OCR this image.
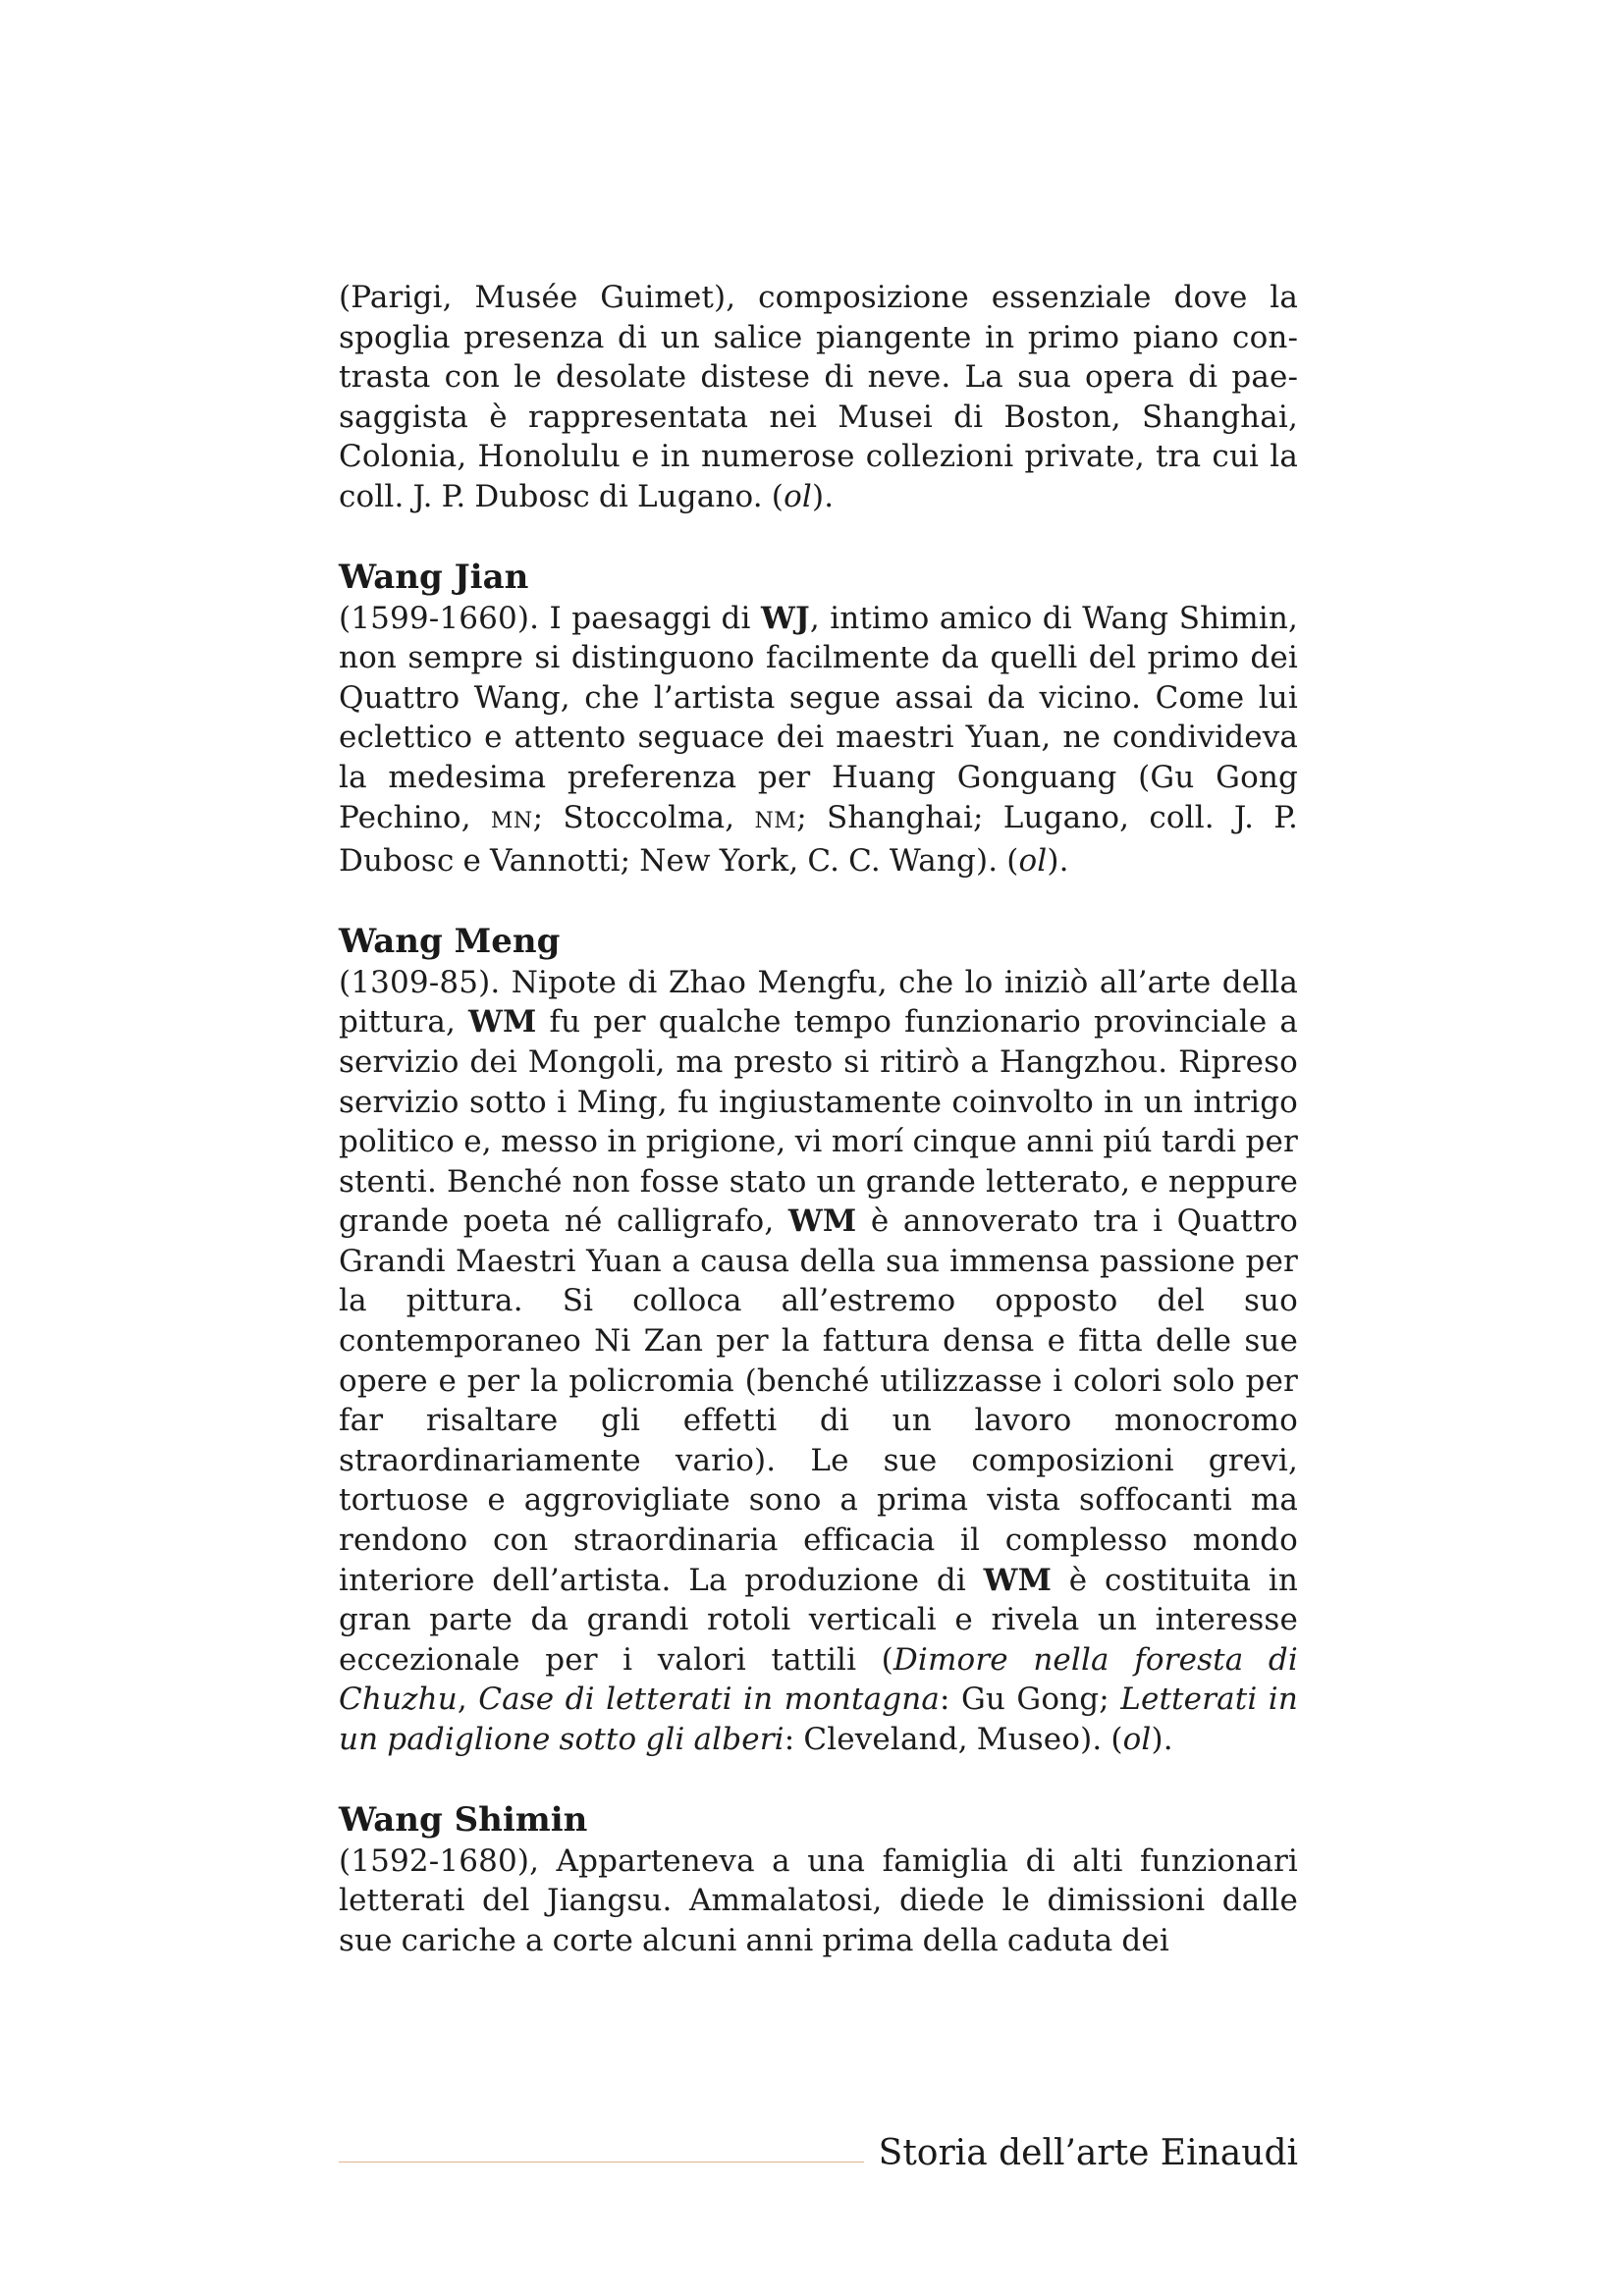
(Parigi, Musée Guimet), composizione essenziale dove la spoglia presenza di un salice piangente in primo piano contrasta con le desolate distese di neve. La sua opera di paesaggista è rappresentata nei Musei di Boston, Shanghai, Colonia, Honolulu e in numerose collezioni private, tra cui la coll. J. P. Dubosc di Lugano. (ol).

Wang Jian

(1599-1660). I paesaggi di WJ, intimo amico di Wang Shimin, non sempre si distinguono facilmente da quelli del primo dei Quattro Wang, che l’artista segue assai da vicino. Come lui eclettico e attento seguace dei maestri Yuan, ne condivideva la medesima preferenza per Huang Gonguang (Gu Gong Pechino, MN; Stoccolma, NM; Shanghai; Lugano, coll. J. P. Dubosc e Vannotti; New York, C. C. Wang). (ol).

Wang Meng

(1309-85). Nipote di Zhao Mengfu, che lo iniziò all’arte della pittura, WM fu per qualche tempo funzionario provinciale a servizio dei Mongoli, ma presto si ritirò a Hangzhou. Ripreso servizio sotto i Ming, fu ingiustamente coinvolto in un intrigo politico e, messo in prigione, vi morí cinque anni piú tardi per stenti. Benché non fosse stato un grande letterato, e neppure grande poeta né calligrafo, WM è annoverato tra i Quattro Grandi Maestri Yuan a causa della sua immensa passione per la pittura. Si colloca all’estremo opposto del suo contemporaneo Ni Zan per la fattura densa e fitta delle sue opere e per la policromia (benché utilizzasse i colori solo per far risaltare gli effetti di un lavoro monocromo straordinariamente vario). Le sue composizioni grevi, tortuose e aggrovigliate sono a prima vista soffocanti ma rendono con straordinaria efficacia il complesso mondo interiore dell’artista. La produzione di WM è costituita in gran parte da grandi rotoli verticali e rivela un interesse eccezionale per i valori tattili (Dimore nella foresta di Chuzhu, Case di letterati in montagna: Gu Gong; Letterati in un padiglione sotto gli alberi: Cleveland, Museo). (ol).

Wang Shimin

(1592-1680), Apparteneva a una famiglia di alti funzionari letterati del Jiangsu. Ammalatosi, diede le dimissioni dalle sue cariche a corte alcuni anni prima della caduta dei

Storia dell’arte Einaudi
